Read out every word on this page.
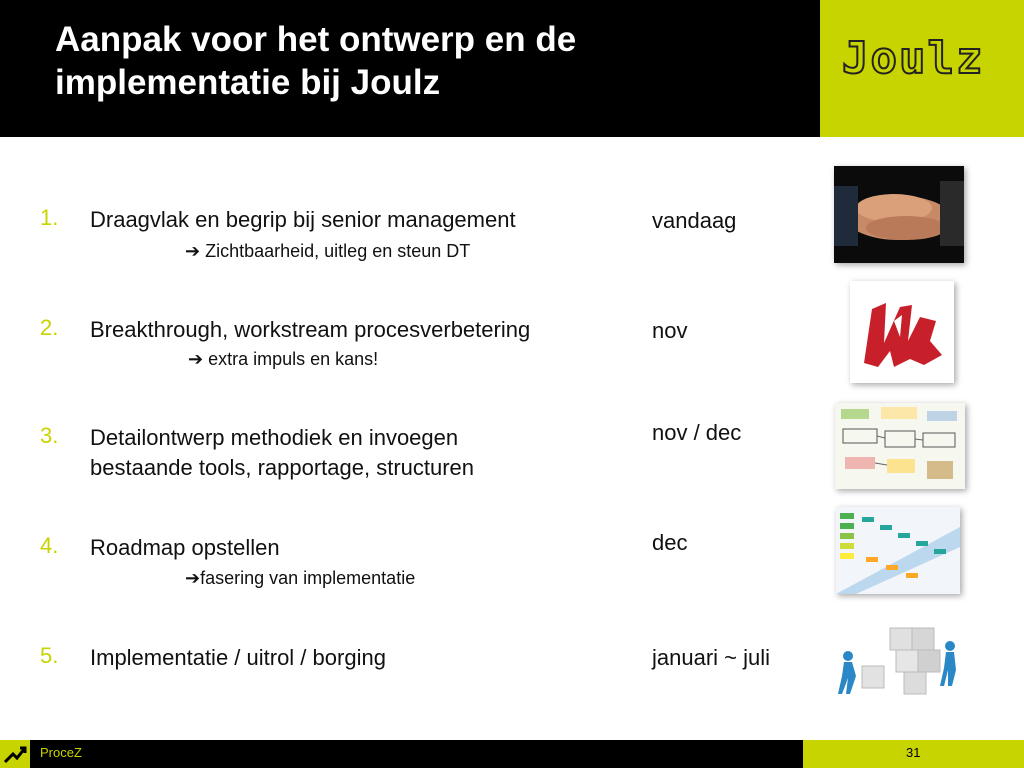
Aanpak voor het ontwerp en de
implementatie bij Joulz	Joulz
1. Draagvlak en begrip bij senior management
➔ Zichtbaarheid, uitleg en steun DT
vandaag
2. Breakthrough, workstream procesverbetering
➔ extra impuls en kans!
nov
3. Detailontwerp methodiek en invoegen
bestaande tools, rapportage, structuren
nov / dec
4. Roadmap opstellen
➔fasering van implementatie
dec
5. Implementatie / uitrol / borging	januari ~ juli
ProceZ	31
